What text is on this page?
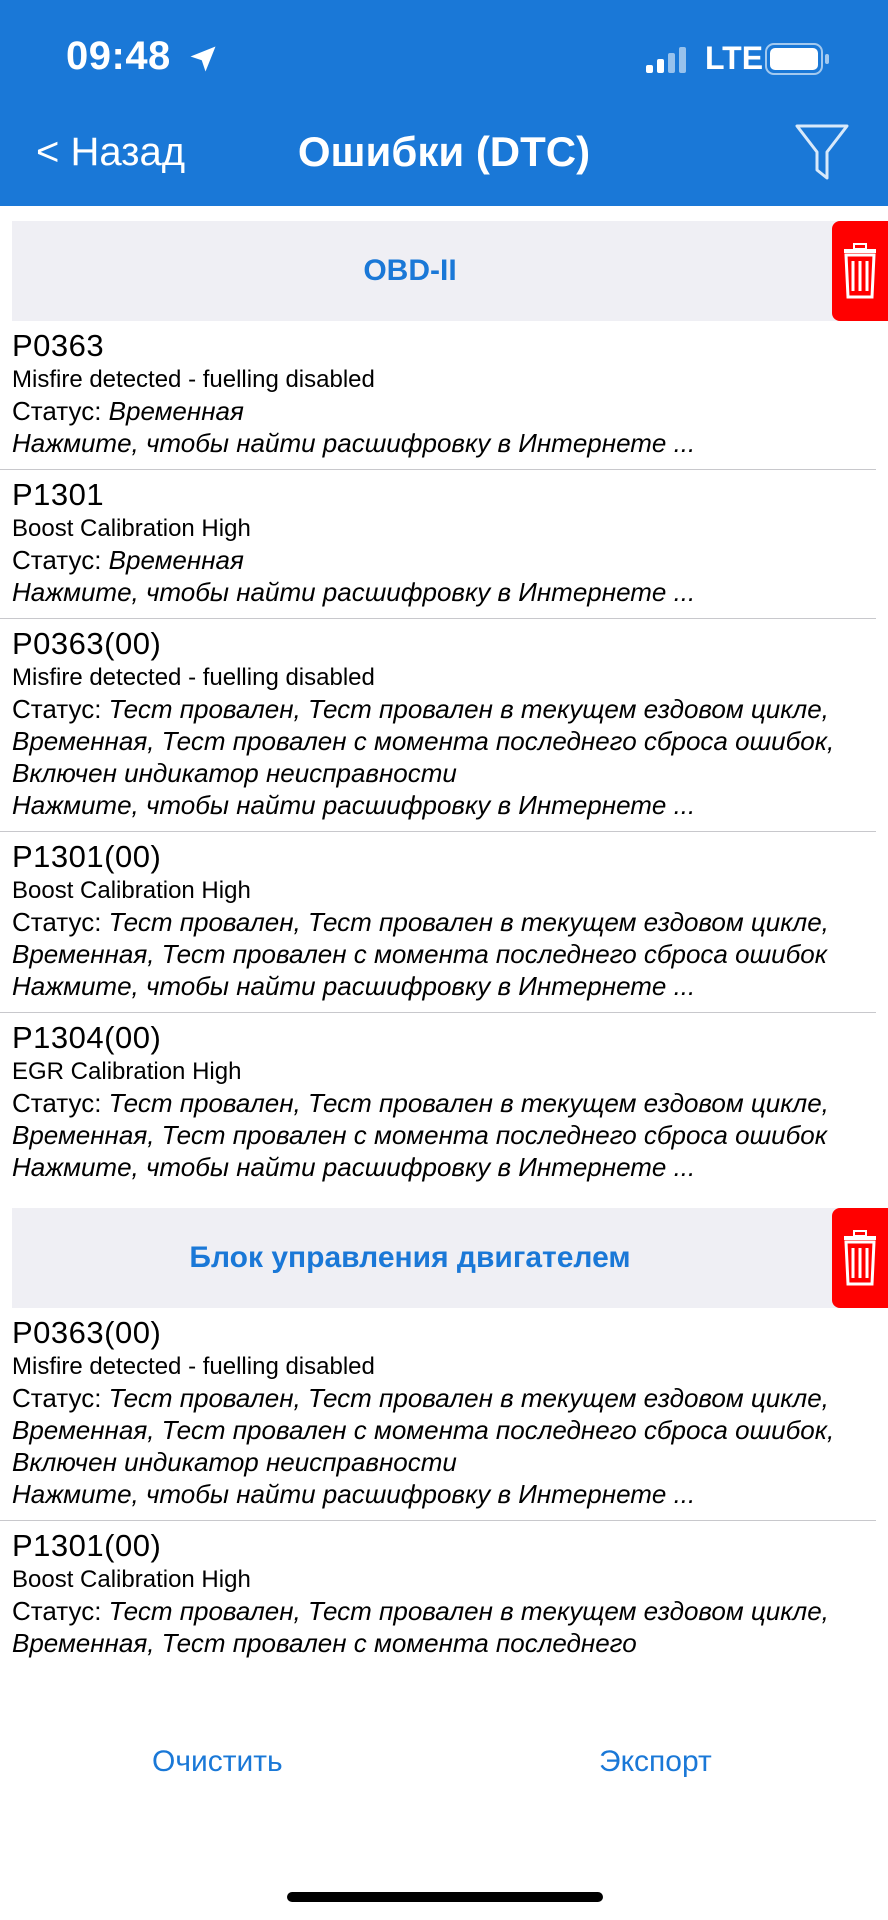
09:48	LTE
< Назад	Ошибки (DTC)
OBD-II
P0363
Misfire detected - fuelling disabled
Статус: Временная
Нажмите, чтобы найти расшифровку в Интернете ...
P1301
Boost Calibration High
Статус: Временная
Нажмите, чтобы найти расшифровку в Интернете ...
P0363(00)
Misfire detected - fuelling disabled
Статус: Тест провален, Тест провален в текущем ездовом цикле, Временная, Тест провален с момента последнего сброса ошибок, Включен индикатор неисправности
Нажмите, чтобы найти расшифровку в Интернете ...
P1301(00)
Boost Calibration High
Статус: Тест провален, Тест провален в текущем ездовом цикле, Временная, Тест провален с момента последнего сброса ошибок
Нажмите, чтобы найти расшифровку в Интернете ...
P1304(00)
EGR Calibration High
Статус: Тест провален, Тест провален в текущем ездовом цикле, Временная, Тест провален с момента последнего сброса ошибок
Нажмите, чтобы найти расшифровку в Интернете ...
Блок управления двигателем
P0363(00)
Misfire detected - fuelling disabled
Статус: Тест провален, Тест провален в текущем ездовом цикле, Временная, Тест провален с момента последнего сброса ошибок, Включен индикатор неисправности
Нажмите, чтобы найти расшифровку в Интернете ...
P1301(00)
Boost Calibration High
Статус: Тест провален, Тест провален в текущем ездовом цикле, Временная, Тест провален с момента последнего
Очистить	Экспорт
